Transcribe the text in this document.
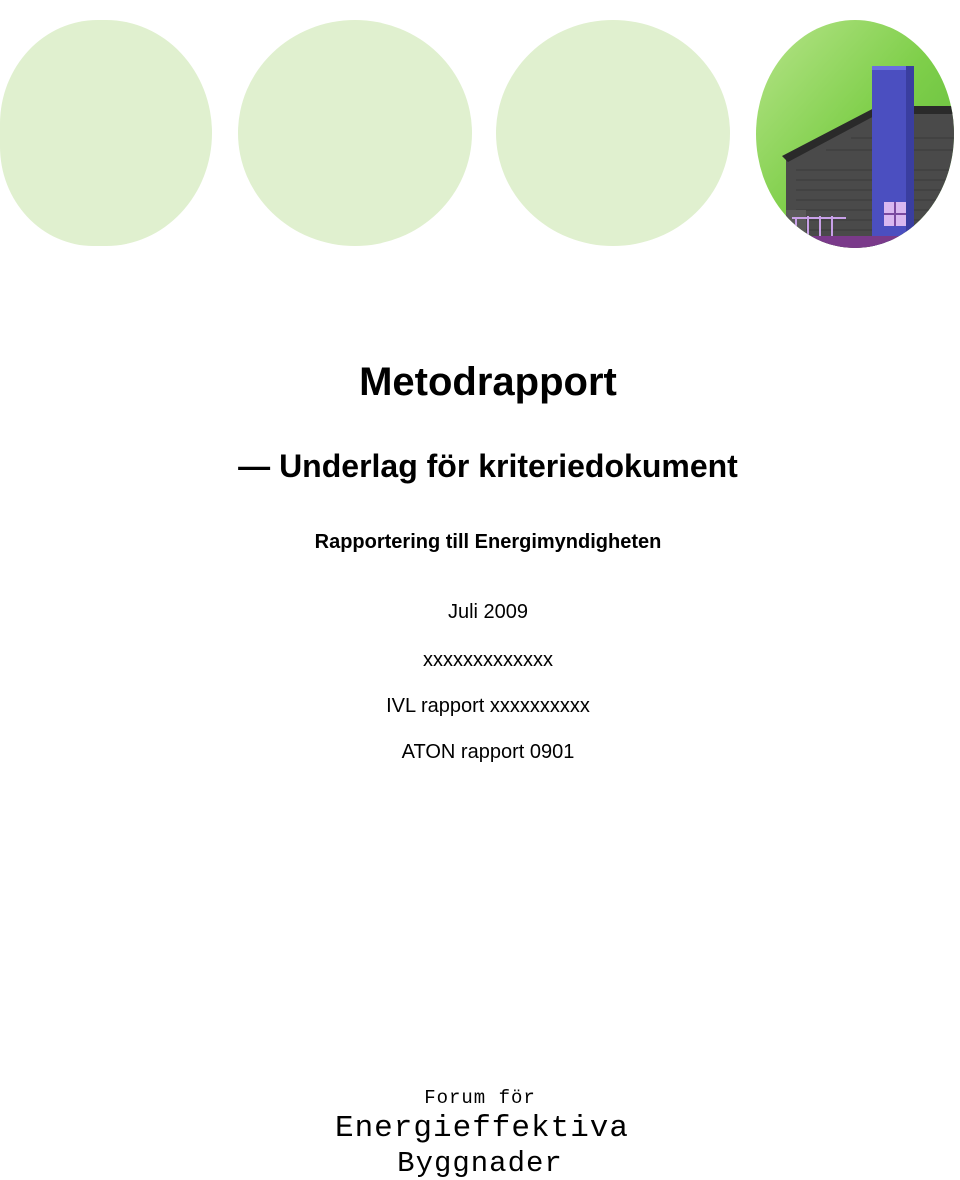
Metodrapport
— Underlag för kriteriedokument
Rapportering till Energimyndigheten
Juli 2009
xxxxxxxxxxxxx
IVL rapport xxxxxxxxxx
ATON rapport 0901
Forum för
Energieffektiva
Byggnader
